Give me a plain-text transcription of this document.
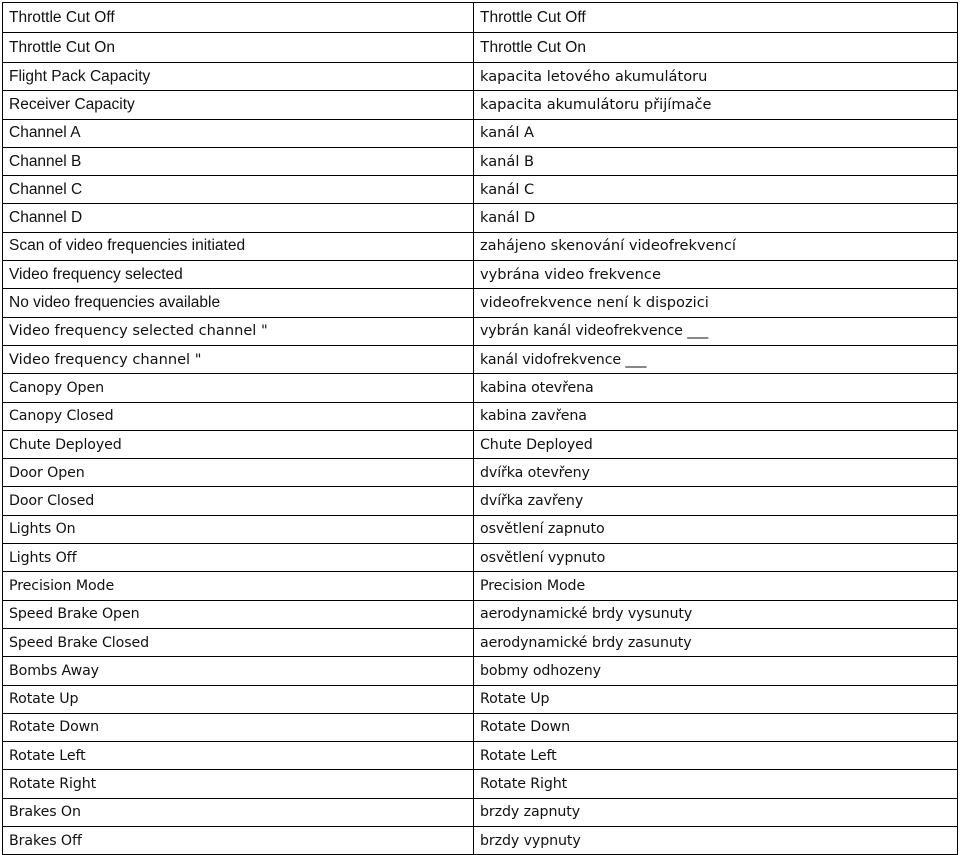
Throttle Cut Off	Throttle Cut Off
Throttle Cut On	Throttle Cut On
Flight Pack Capacity	kapacita letového akumulátoru
Receiver Capacity	kapacita akumulátoru přijímače
Channel A	kanál A
Channel B	kanál B
Channel C	kanál C
Channel D	kanál D
Scan of video frequencies initiated	zahájeno skenování videofrekvencí
Video frequency selected	vybrána video frekvence
No video frequencies available	videofrekvence není k dispozici
Video frequency selected channel "	vybrán kanál videofrekvence ___
Video frequency channel "	kanál vidofrekvence ___
Canopy Open	kabina otevřena
Canopy Closed	kabina zavřena
Chute Deployed	Chute Deployed
Door Open	dvířka otevřeny
Door Closed	dvířka zavřeny
Lights On	osvětlení zapnuto
Lights Off	osvětlení vypnuto
Precision Mode	Precision Mode
Speed Brake Open	aerodynamické brdy vysunuty
Speed Brake Closed	aerodynamické brdy zasunuty
Bombs Away	bobmy odhozeny
Rotate Up	Rotate Up
Rotate Down	Rotate Down
Rotate Left	Rotate Left
Rotate Right	Rotate Right
Brakes On	brzdy zapnuty
Brakes Off	brzdy vypnuty
